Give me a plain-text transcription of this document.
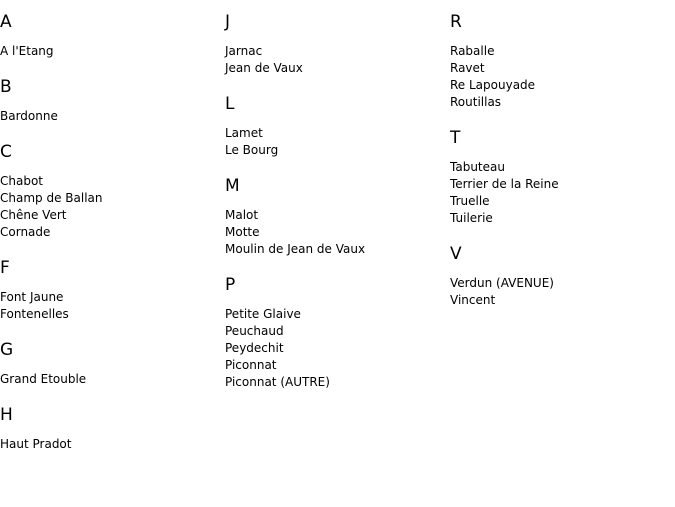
A
A l'Etang
B
Bardonne
C
Chabot
Champ de Ballan
Chêne Vert
Cornade
F
Font Jaune
Fontenelles
G
Grand Etouble
H
Haut Pradot
J
Jarnac
Jean de Vaux
L
Lamet
Le Bourg
M
Malot
Motte
Moulin de Jean de Vaux
P
Petite Glaive
Peuchaud
Peydechit
Piconnat
Piconnat (AUTRE)
R
Raballe
Ravet
Re Lapouyade
Routillas
T
Tabuteau
Terrier de la Reine
Truelle
Tuilerie
V
Verdun (AVENUE)
Vincent
